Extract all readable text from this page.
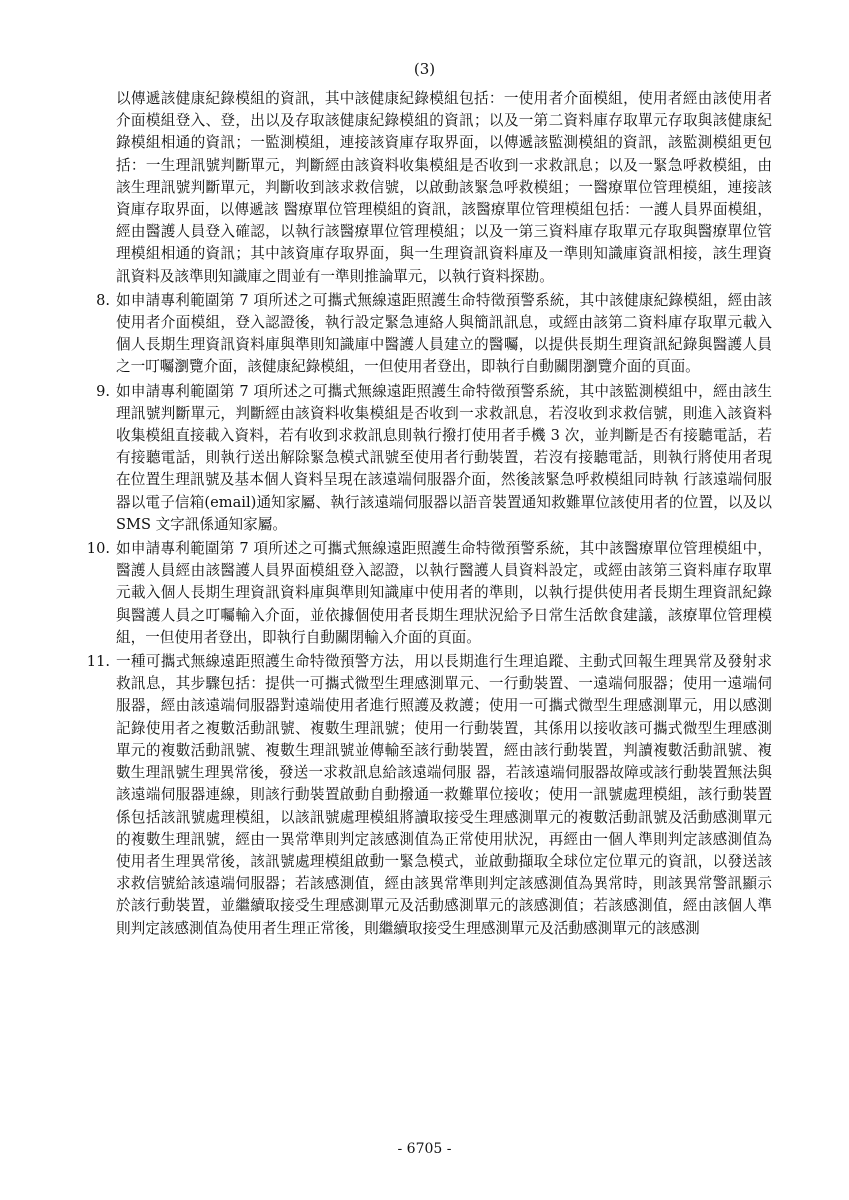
(3)

以傳遞該健康紀錄模組的資訊，其中該健康紀錄模組包括：一使用者介面模組，使用者經由該使用者介面模組登入、登，出以及存取該健康紀錄模組的資訊；以及一第二資料庫存取單元存取與該健康紀錄模組相通的資訊；一監測模組，連接該資庫存取界面，以傳遞該監測模組的資訊，該監測模組更包括：一生理訊號判斷單元，判斷經由該資料收集模組是否收到一求救訊息；以及一緊急呼救模組，由該生理訊號判斷單元，判斷收到該求救信號，以啟動該緊急呼救模組；一醫療單位管理模組，連接該資庫存取界面，以傳遞該 醫療單位管理模組的資訊，該醫療單位管理模組包括：一護人員界面模組，經由醫護人員登入確認，以執行該醫療單位管理模組；以及一第三資料庫存取單元存取與醫療單位管理模組相通的資訊；其中該資庫存取界面，與一生理資訊資料庫及一準則知識庫資訊相接，該生理資訊資料及該準則知識庫之間並有一準則推論單元，以執行資料探勘。

8. 如申請專利範圍第 7 項所述之可攜式無線遠距照護生命特徵預警系統，其中該健康紀錄模組，經由該使用者介面模組，登入認證後，執行設定緊急連絡人與簡訊訊息，或經由該第二資料庫存取單元載入個人長期生理資訊資料庫與準則知識庫中醫護人員建立的醫囑，以提供長期生理資訊紀錄與醫護人員之一叮囑瀏覽介面，該健康紀錄模組，一但使用者登出，即執行自動關閉瀏覽介面的頁面。
9. 如申請專利範圍第 7 項所述之可攜式無線遠距照護生命特徵預警系統，其中該監測模組中，經由該生理訊號判斷單元，判斷經由該資料收集模組是否收到一求救訊息，若沒收到求救信號，則進入該資料收集模組直接載入資料，若有收到求救訊息則執行撥打使用者手機 3 次，並判斷是否有接聽電話，若有接聽電話，則執行送出解除緊急模式訊號至使用者行動裝置，若沒有接聽電話，則執行將使用者現在位置生理訊號及基本個人資料呈現在該遠端伺服器介面，然後該緊急呼救模組同時執 行該遠端伺服器以電子信箱(email)通知家屬、執行該遠端伺服器以語音裝置通知救難單位該使用者的位置，以及以 SMS 文字訊係通知家屬。
10. 如申請專利範圍第 7 項所述之可攜式無線遠距照護生命特徵預警系統，其中該醫療單位管理模組中，醫護人員經由該醫護人員界面模組登入認證，以執行醫護人員資料設定，或經由該第三資料庫存取單元載入個人長期生理資訊資料庫與準則知識庫中使用者的準則，以執行提供使用者長期生理資訊紀錄與醫護人員之叮囑輸入介面，並依據個使用者長期生理狀況給予日常生活飲食建議，該療單位管理模組，一但使用者登出，即執行自動關閉輸入介面的頁面。
11. 一種可攜式無線遠距照護生命特徵預警方法，用以長期進行生理追蹤、主動式回報生理異常及發射求救訊息，其步驟包括：提供一可攜式微型生理感測單元、一行動裝置、一遠端伺服器；使用一遠端伺服器，經由該遠端伺服器對遠端使用者進行照護及救護；使用一可攜式微型生理感測單元，用以感測記錄使用者之複數活動訊號、複數生理訊號；使用一行動裝置，其係用以接收該可攜式微型生理感測單元的複數活動訊號、複數生理訊號並傳輸至該行動裝置，經由該行動裝置，判讀複數活動訊號、複數生理訊號生理異常後，發送一求救訊息給該遠端伺服 器，若該遠端伺服器故障或該行動裝置無法與該遠端伺服器連線，則該行動裝置啟動自動撥通一救難單位接收；使用一訊號處理模組，該行動裝置係包括該訊號處理模組，以該訊號處理模組將讀取接受生理感測單元的複數活動訊號及活動感測單元的複數生理訊號，經由一異常準則判定該感測值為正常使用狀況，再經由一個人準則判定該感測值為使用者生理異常後，該訊號處理模組啟動一緊急模式，並啟動擷取全球位定位單元的資訊，以發送該求救信號給該遠端伺服器；若該感測值，經由該異常準則判定該感測值為異常時，則該異常警訊顯示於該行動裝置，並繼續取接受生理感測單元及活動感測單元的該感測值；若該感測值，經由該個人準則判定該感測值為使用者生理正常後，則繼續取接受生理感測單元及活動感測單元的該感測
- 6705 -
